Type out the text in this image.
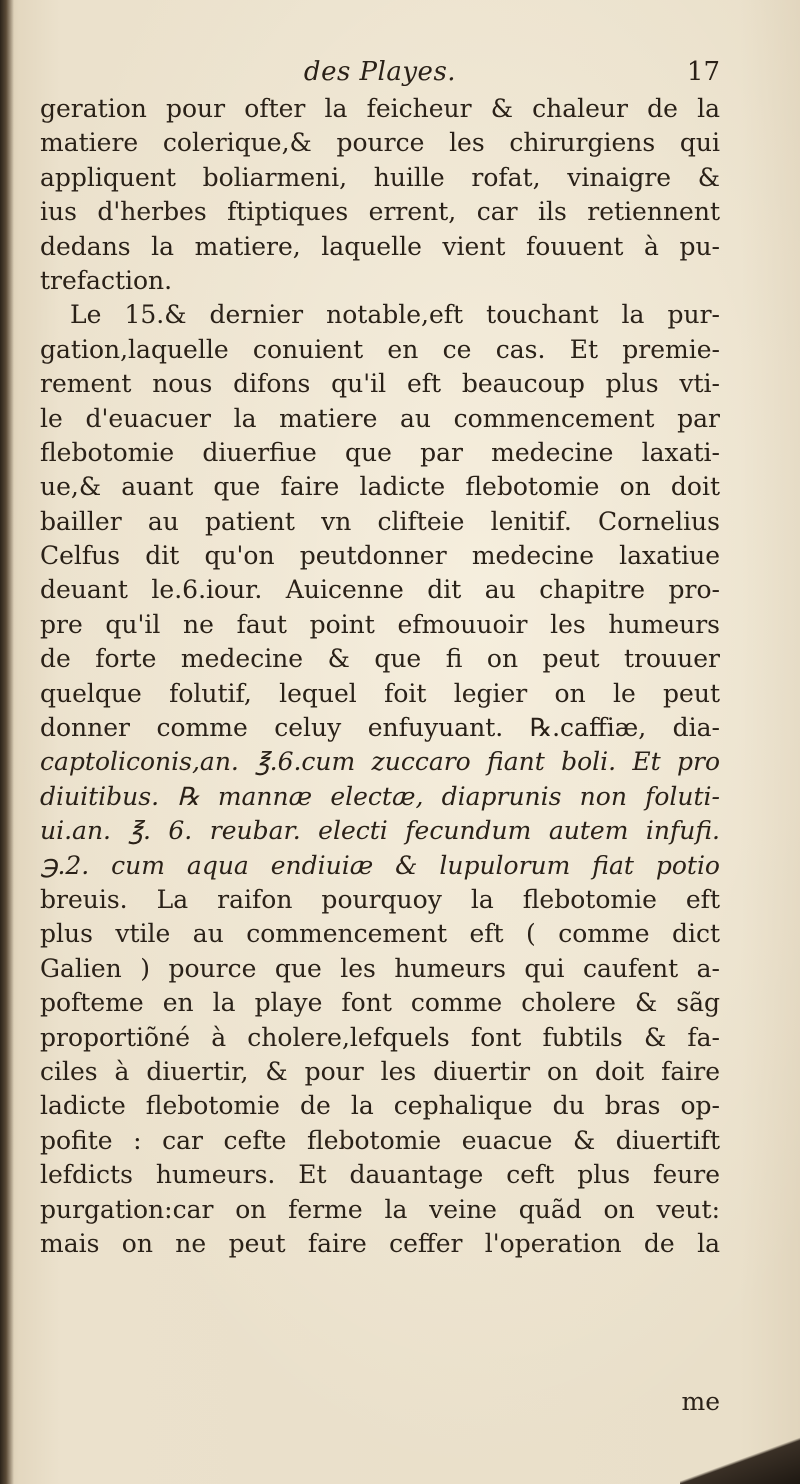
des Playes.	17
geration pour ofter la feicheur & chaleur de la
matiere colerique,& pource les chirurgiens qui
appliquent boliarmeni, huille rofat, vinaigre &
ius d'herbes ftiptiques errent, car ils retiennent
dedans la matiere, laquelle vient fouuent à pu-
trefaction.
Le 15.& dernier notable,eft touchant la pur-
gation,laquelle conuient en ce cas. Et premie-
rement nous difons qu'il eft beaucoup plus vti-
le d'euacuer la matiere au commencement par
flebotomie diuerfiue que par medecine laxati-
ue,& auant que faire ladicte flebotomie on doit
bailler au patient vn clifteie lenitif. Cornelius
Celfus dit qu'on peutdonner medecine laxatiue
deuant le.6.iour. Auicenne dit au chapitre pro-
pre qu'il ne faut point efmouuoir les humeurs
de forte medecine & que fi on peut trouuer
quelque folutif, lequel foit legier on le peut
donner comme celuy enfuyuant. ℞.caffiæ, dia-
captoliconis,an. ℥.6.cum zuccaro fiant boli. Et pro
diuitibus. ℞ mannæ electæ, diaprunis non foluti-
ui.an. ℥. 6. reubar. electi fecundum autem infufi.
℈.2. cum aqua endiuiæ & lupulorum fiat potio
breuis. La raifon pourquoy la flebotomie eft
plus vtile au commencement eft ( comme dict
Galien ) pource que les humeurs qui caufent a-
pofteme en la playe font comme cholere & sãg
proportiõné à cholere,lefquels font fubtils & fa-
ciles à diuertir, & pour les diuertir on doit faire
ladicte flebotomie de la cephalique du bras op-
pofite : car cefte flebotomie euacue & diuertift
lefdicts humeurs. Et dauantage ceft plus feure
purgation:car on ferme la veine quãd on veut:
mais on ne peut faire ceffer l'operation de la
me
